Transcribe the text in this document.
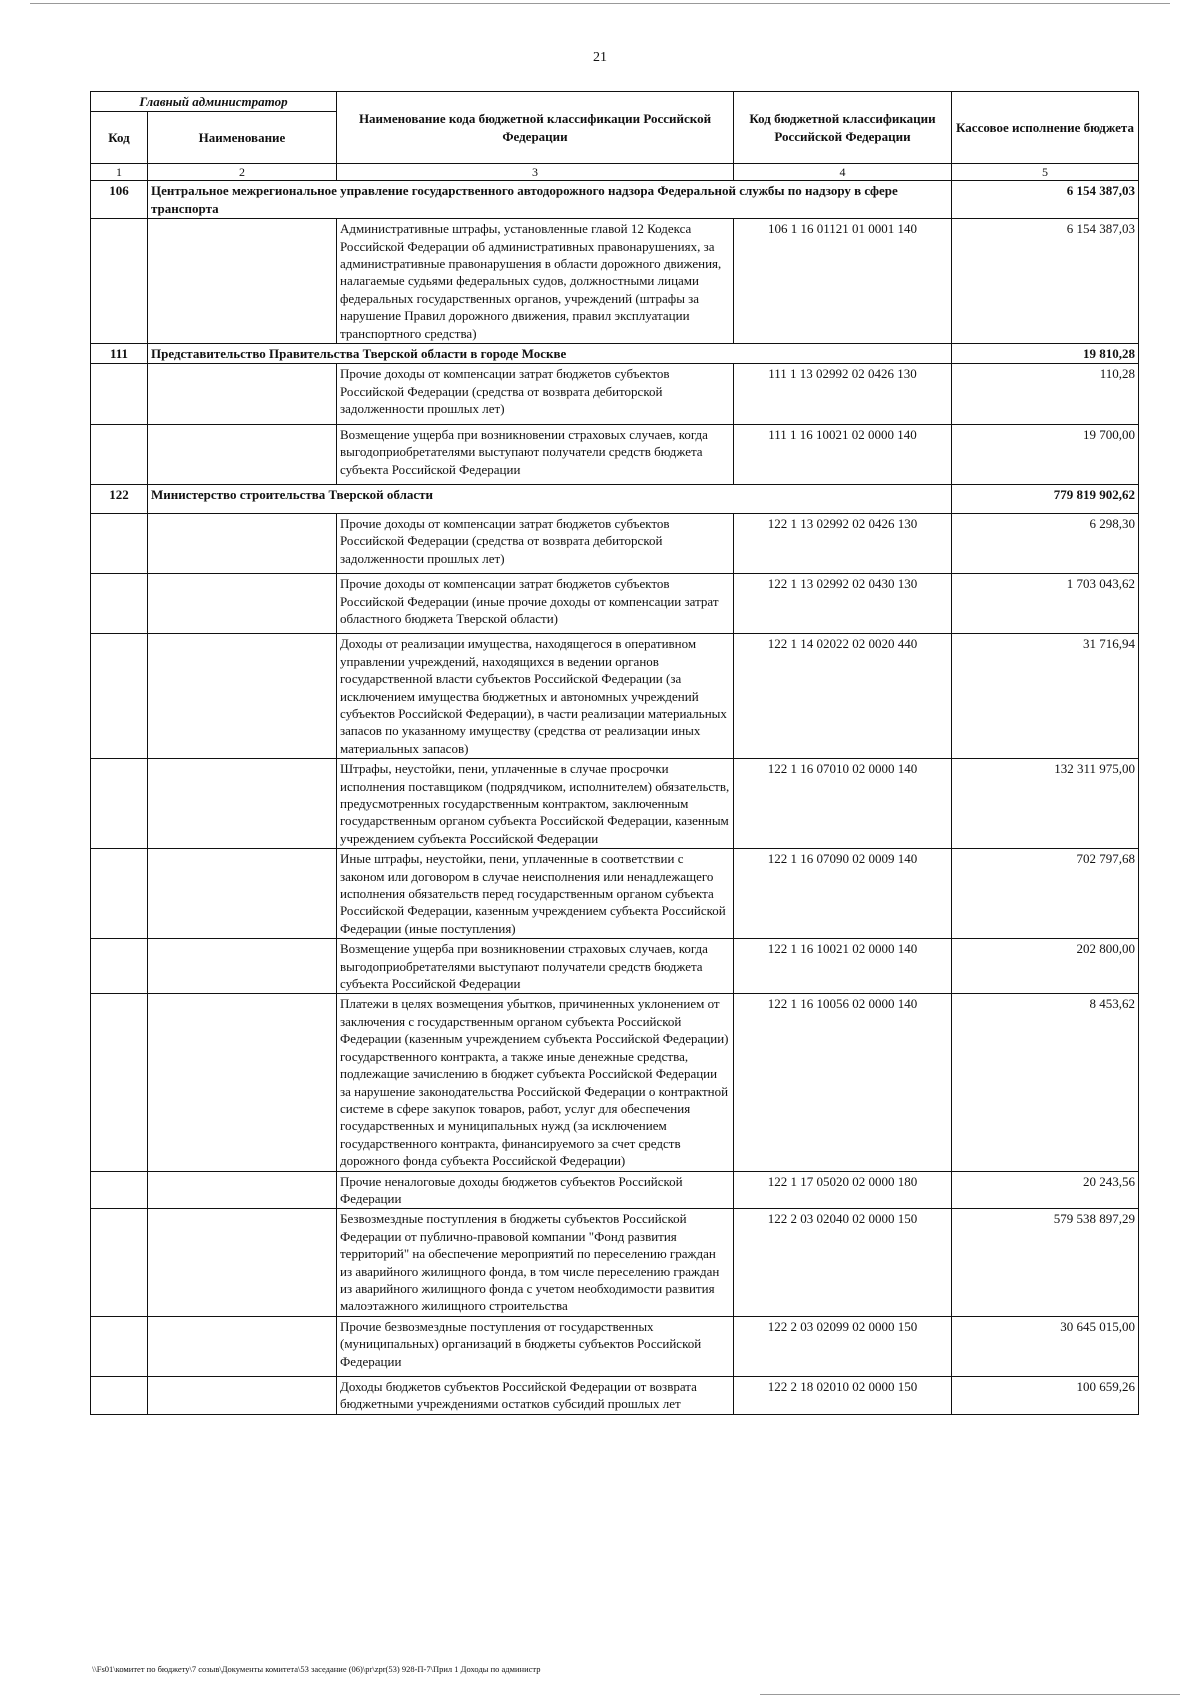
21
Главный администратор		Наименование кода бюджетной классификации Российской Федерации	Код бюджетной классификации Российской Федерации	Кассовое исполнение бюджета
Код	Наименование			
1	2	3	4	5
106	Центральное межрегиональное управление государственного автодорожного надзора Федеральной службы по надзору в сфере транспорта			6 154 387,03
		Административные штрафы, установленные главой 12 Кодекса Российской Федерации об административных правонарушениях, за административные правонарушения в области дорожного движения, налагаемые судьями федеральных судов, должностными лицами федеральных государственных органов, учреждений (штрафы за нарушение Правил дорожного движения, правил эксплуатации транспортного средства)	106 1 16 01121 01 0001 140	6 154 387,03
111	Представительство Правительства Тверской области в городе Москве			19 810,28
		Прочие доходы от компенсации затрат бюджетов субъектов Российской Федерации (средства от возврата дебиторской задолженности прошлых лет)	111 1 13 02992 02 0426 130	110,28
		Возмещение ущерба при возникновении страховых случаев, когда выгодоприобретателями выступают получатели средств бюджета субъекта Российской Федерации	111 1 16 10021 02 0000 140	19 700,00
122	Министерство строительства Тверской области			779 819 902,62
		Прочие доходы от компенсации затрат бюджетов субъектов Российской Федерации (средства от возврата дебиторской задолженности прошлых лет)	122 1 13 02992 02 0426 130	6 298,30
		Прочие доходы от компенсации затрат бюджетов субъектов Российской Федерации (иные прочие доходы от компенсации затрат областного бюджета Тверской области)	122 1 13 02992 02 0430 130	1 703 043,62
		Доходы от реализации имущества, находящегося в оперативном управлении учреждений, находящихся в ведении органов государственной власти субъектов Российской Федерации (за исключением имущества бюджетных и автономных учреждений субъектов Российской Федерации), в части реализации материальных запасов по указанному имуществу (средства от реализации иных материальных запасов)	122 1 14 02022 02 0020 440	31 716,94
		Штрафы, неустойки, пени, уплаченные в случае просрочки исполнения поставщиком (подрядчиком, исполнителем) обязательств, предусмотренных государственным контрактом, заключенным государственным органом субъекта Российской Федерации, казенным учреждением субъекта Российской Федерации	122 1 16 07010 02 0000 140	132 311 975,00
		Иные штрафы, неустойки, пени, уплаченные в соответствии с законом или договором в случае неисполнения или ненадлежащего исполнения обязательств перед государственным органом субъекта Российской Федерации, казенным учреждением субъекта Российской Федерации (иные поступления)	122 1 16 07090 02 0009 140	702 797,68
		Возмещение ущерба при возникновении страховых случаев, когда выгодоприобретателями выступают получатели средств бюджета субъекта Российской Федерации	122 1 16 10021 02 0000 140	202 800,00
		Платежи в целях возмещения убытков, причиненных уклонением от заключения с государственным органом субъекта Российской Федерации (казенным учреждением субъекта Российской Федерации) государственного контракта, а также иные денежные средства, подлежащие зачислению в бюджет субъекта Российской Федерации за нарушение законодательства Российской Федерации о контрактной системе в сфере закупок товаров, работ, услуг для обеспечения государственных и муниципальных нужд (за исключением государственного контракта, финансируемого за счет средств дорожного фонда субъекта Российской Федерации)	122 1 16 10056 02 0000 140	8 453,62
		Прочие неналоговые доходы бюджетов субъектов Российской Федерации	122 1 17 05020 02 0000 180	20 243,56
		Безвозмездные поступления в бюджеты субъектов Российской Федерации от публично-правовой компании "Фонд развития территорий" на обеспечение мероприятий по переселению граждан из аварийного жилищного фонда, в том числе переселению граждан из аварийного жилищного фонда с учетом необходимости развития малоэтажного жилищного строительства	122 2 03 02040 02 0000 150	579 538 897,29
		Прочие безвозмездные поступления от государственных (муниципальных) организаций в бюджеты субъектов Российской Федерации	122 2 03 02099 02 0000 150	30 645 015,00
		Доходы бюджетов субъектов Российской Федерации от возврата бюджетными учреждениями остатков субсидий прошлых лет	122 2 18 02010 02 0000 150	100 659,26
\\Fs01\комитет по бюджету\7 созыв\Документы комитета\53 заседание (06)\pr\zpr(53) 928-П-7\Прил 1 Доходы по администр
